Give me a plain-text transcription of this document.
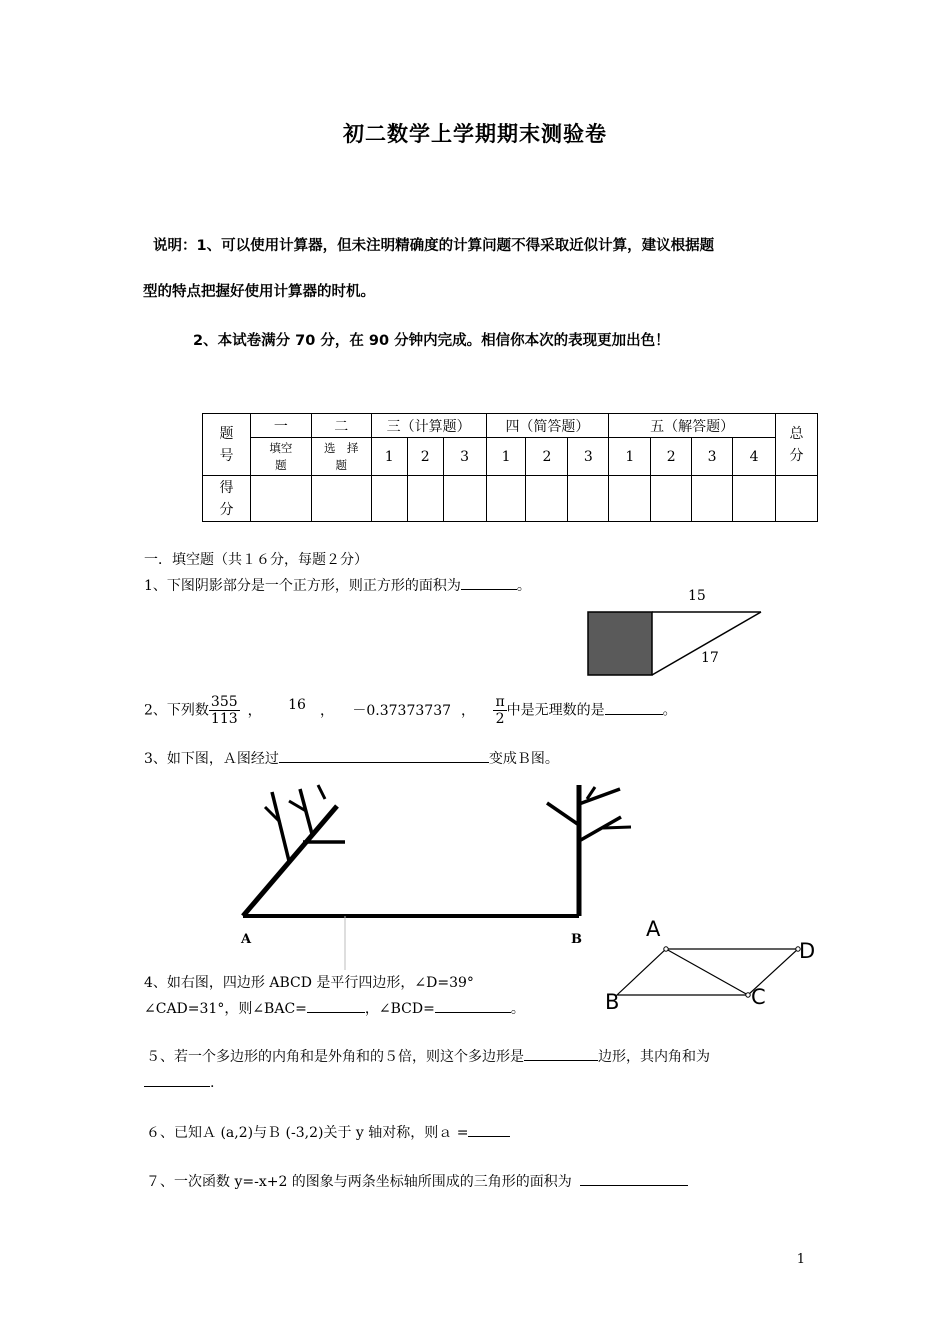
初二数学上学期期末测验卷
说明：1、可以使用计算器，但未注明精确度的计算问题不得采取近似计算，建议根据题
型的特点把握好使用计算器的时机。
2、本试卷满分 70 分，在 90 分钟内完成。相信你本次的表现更加出色！
题号	一	二	三（计算题）			四（简答题）			五（解答题）				总分
	填空题	选　择题	1	2	3	1	2	3	1	2	3	4	
得分													
一．填空题（共１６分，每题２分）
1、下图阴影部分是一个正方形，则正方形的面积为	。
15
17
2、下列数 $\frac{355}{113}$ ， 16 ， －0.37373737 ， $\frac{\pi}{2}$ 中是无理数的是	。
3、如下图，Ａ图经过	变成Ｂ图。
A	B
4、如右图，四边形 ABCD 是平行四边形，∠D=39°
∠CAD=31°，则∠BAC=	，∠BCD=	。
A
D
C
B
５、若一个多边形的内角和是外角和的５倍，则这个多边形是	边形，其内角和为
.
６、已知Ａ (a,2)与Ｂ (-3,2)关于 y 轴对称，则ａ =
７、一次函数 y=-x+2 的图象与两条坐标轴所围成的三角形的面积为
1
